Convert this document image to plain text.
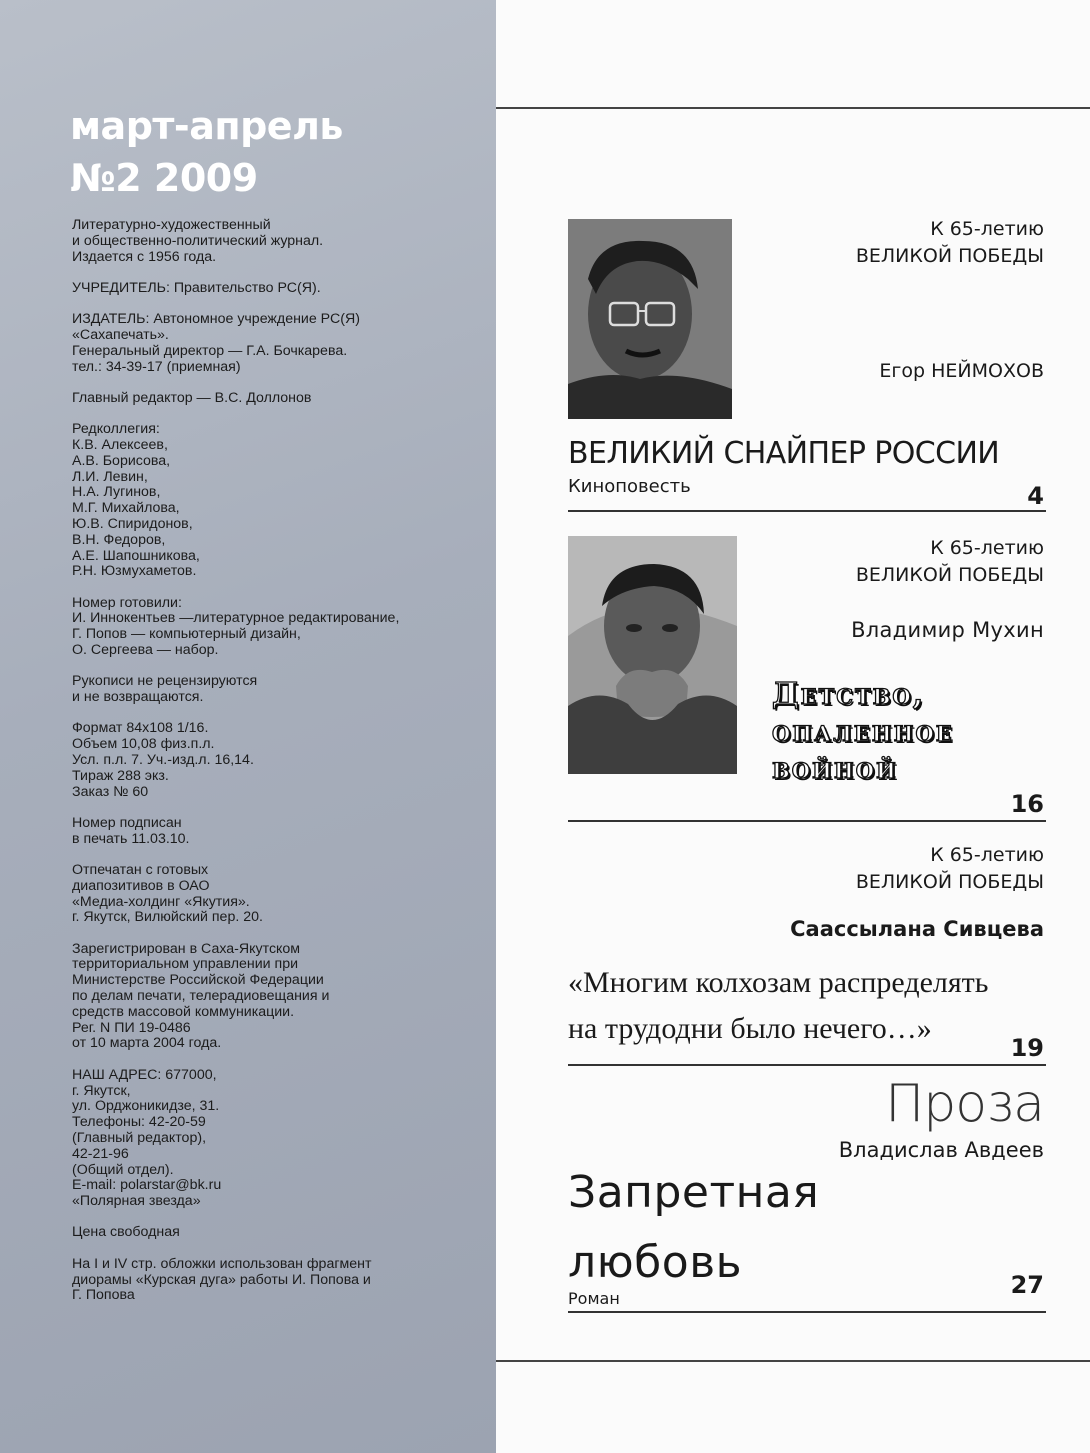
март-апрель
№2 2009

Литературно-художественный
и общественно-политический журнал.
Издается с 1956 года.

УЧРЕДИТЕЛЬ: Правительство РС(Я).

ИЗДАТЕЛЬ: Автономное учреждение РС(Я)
«Сахапечать».
Генеральный директор — Г.А. Бочкарева.
тел.: 34-39-17 (приемная)

Главный редактор — В.С. Доллонов

Редколлегия:
К.В. Алексеев,
А.В. Борисова,
Л.И. Левин,
Н.А. Лугинов,
М.Г. Михайлова,
Ю.В. Спиридонов,
В.Н. Федоров,
А.Е. Шапошникова,
Р.Н. Юзмухаметов.

Номер готовили:
И. Иннокентьев —литературное редактирование,
Г. Попов — компьютерный дизайн,
О. Сергеева — набор.

Рукописи не рецензируются
и не возвращаются.

Формат 84х108 1/16.
Объем 10,08 физ.п.л.
Усл. п.л. 7. Уч.-изд.л. 16,14.
Тираж 288 экз.
Заказ № 60

Номер подписан
в печать 11.03.10.

Отпечатан с готовых
диапозитивов в ОАО
«Медиа-холдинг «Якутия».
г. Якутск, Вилюйский пер. 20.

Зарегистрирован в Саха-Якутском
территориальном управлении при
Министерстве Российской Федерации
по делам печати, телерадиовещания и
средств массовой коммуникации.
Рег. N ПИ 19-0486
от 10 марта 2004 года.

НАШ АДРЕС: 677000,
г. Якутск,
ул. Орджоникидзе, 31.
Телефоны: 42-20-59
(Главный редактор),
42-21-96
(Общий отдел).
E-mail: polarstar@bk.ru
«Полярная звезда»

Цена свободная

На I и IV стр. обложки использован фрагмент
диорамы «Курская дуга» работы И. Попова и
Г. Попова

К 65-летию
ВЕЛИКОЙ ПОБЕДЫ
Егор НЕЙМОХОВ
ВЕЛИКИЙ СНАЙПЕР РОССИИ
Киноповесть	4
К 65-летию
ВЕЛИКОЙ ПОБЕДЫ
Владимир Мухин
Детство,
опаленное
войной
16
К 65-летию
ВЕЛИКОЙ ПОБЕДЫ
Саассылана Сивцева
«Многим колхозам распределять
на трудодни было нечего…»
19
Проза
Владислав Авдеев
Запретная
любовь
Роман	27
